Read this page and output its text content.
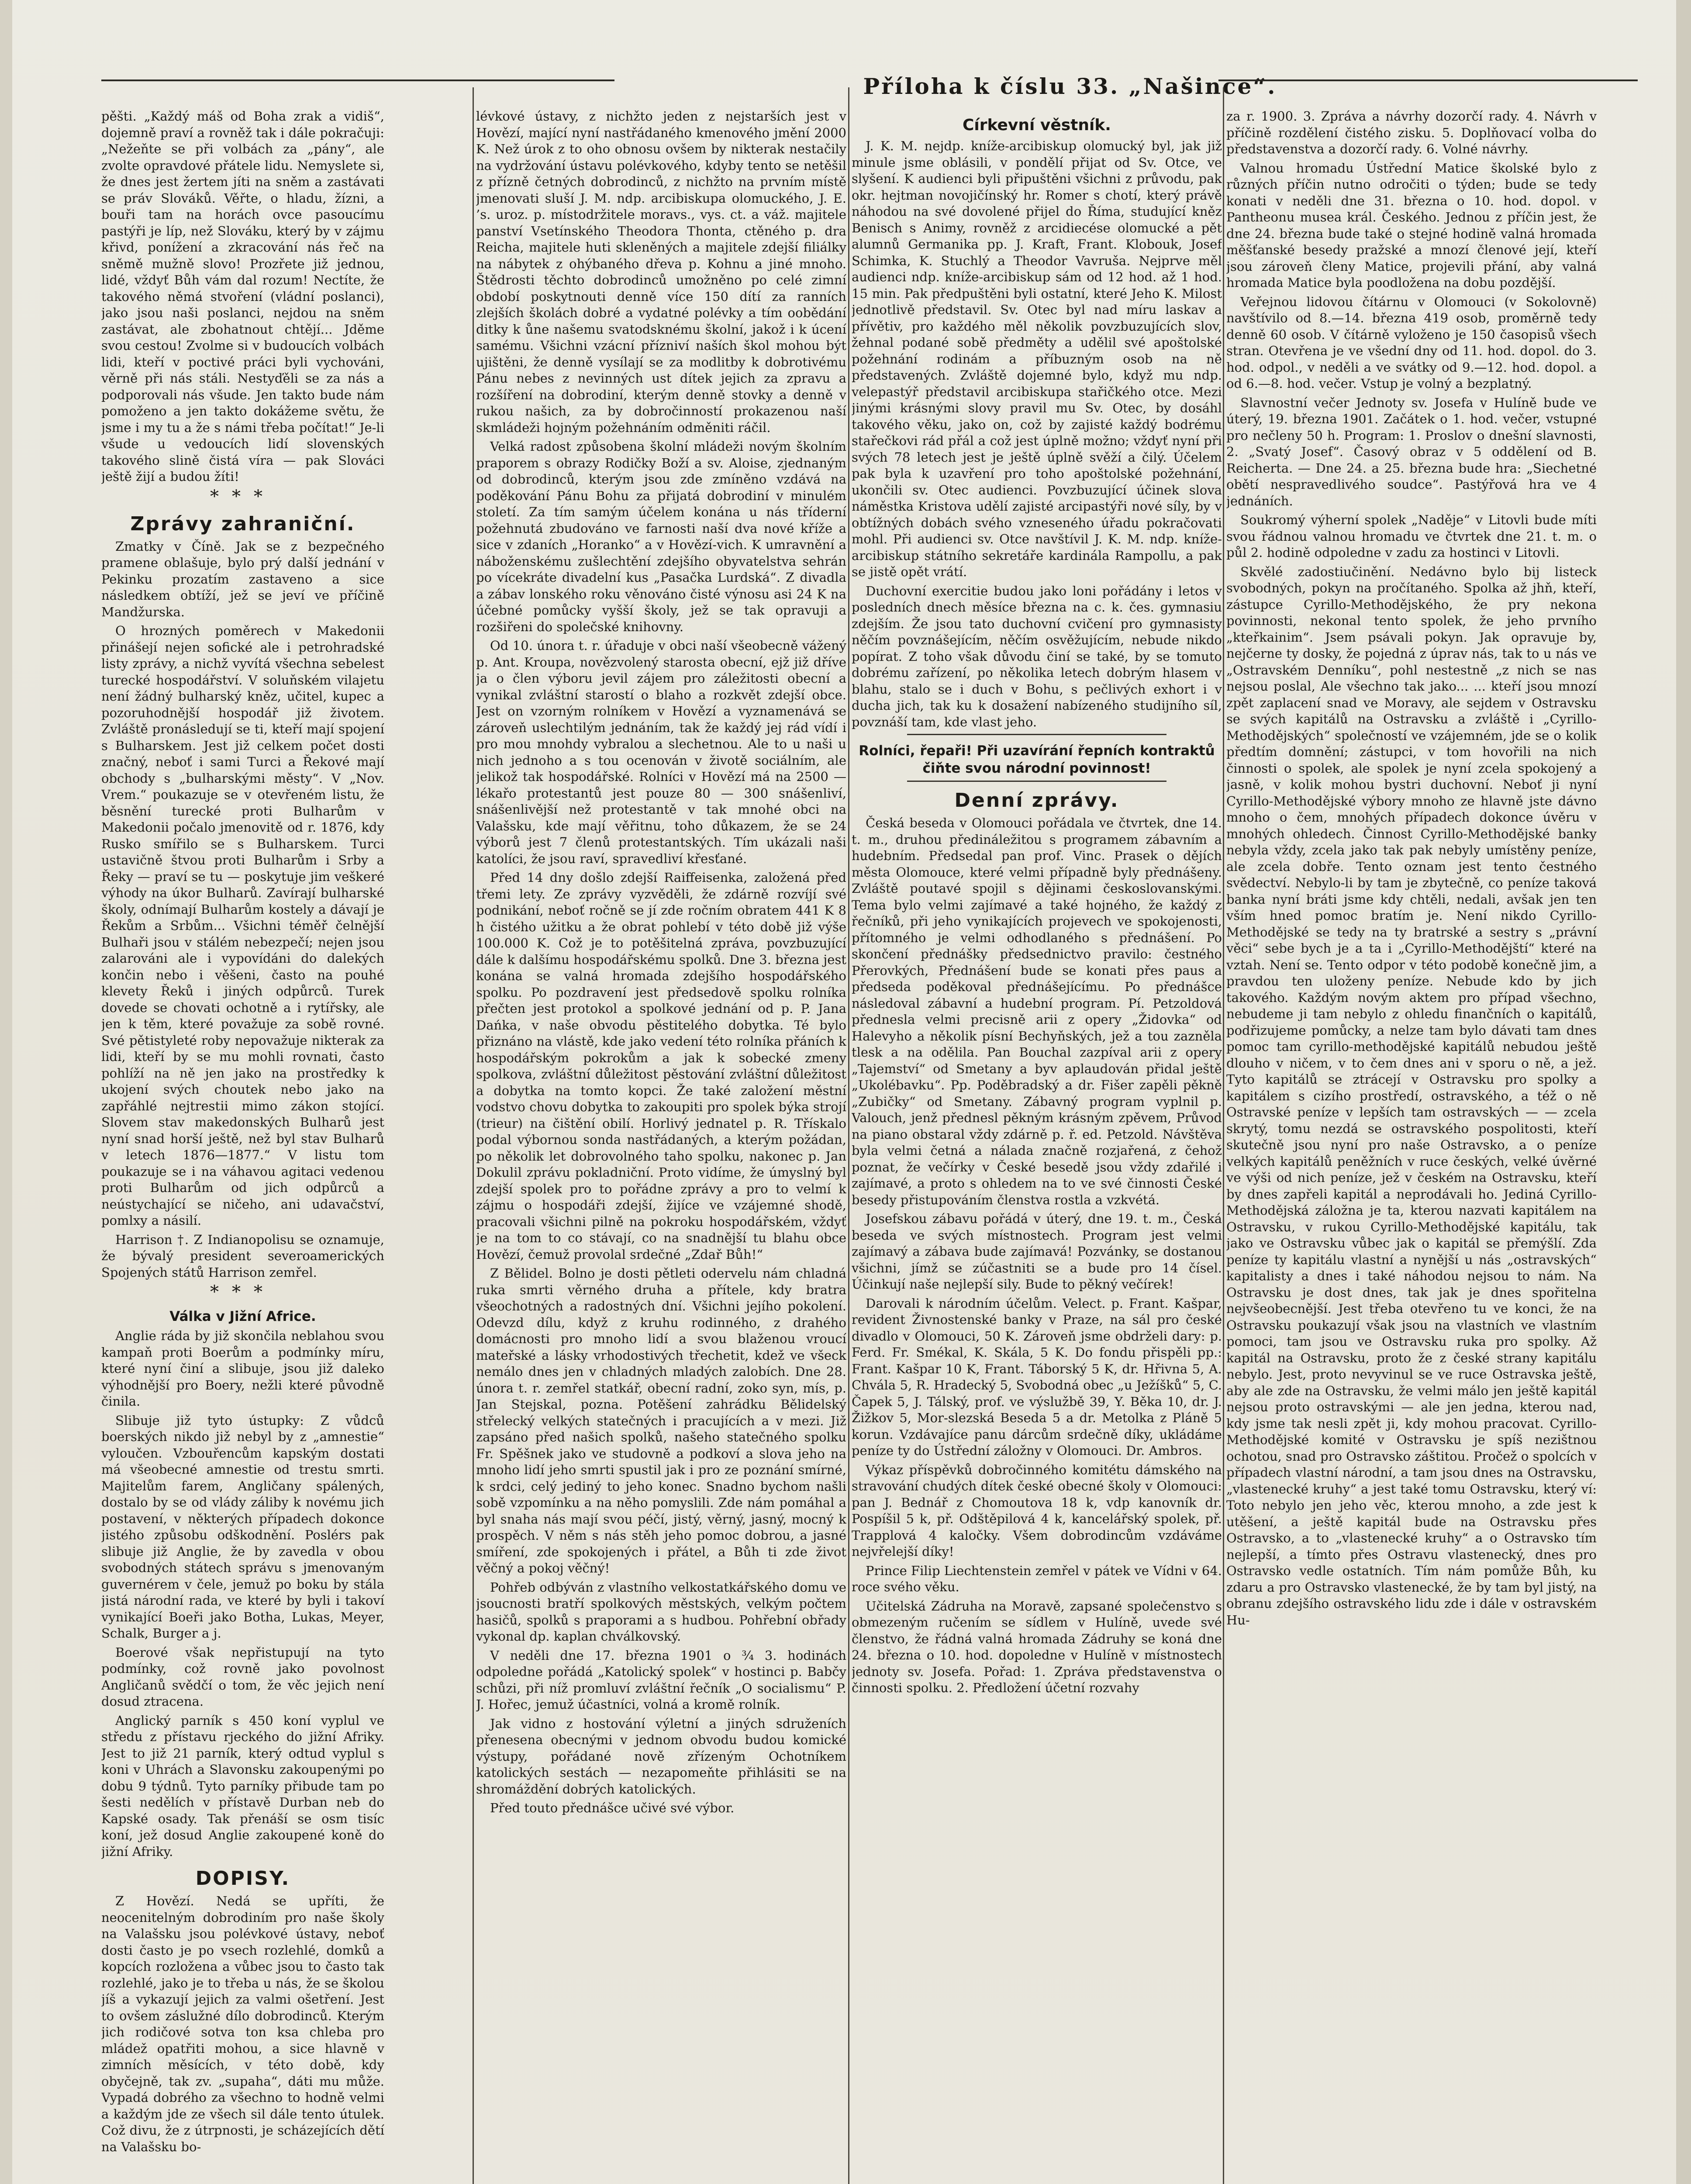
Příloha k číslu 33. „Našince“.

pěšti. „Každý máš od Boha zrak a vidiš“, dojemně praví a rovněž tak i dále pokračuji: „Nežeňte se při volbách za „pány“, ale zvolte opravdové přátele lidu. Nemyslete si, že dnes jest žertem jíti na sněm a zastávati se práv Slováků. Věřte, o hladu, žízni, a bouři tam na horách ovce pasoucímu pastýři je líp, než Slováku, který by v zájmu křivd, ponížení a zkracování nás řeč na sněmě mužně slovo! Prozřete již jednou, lidé, vždyť Bůh vám dal rozum! Nectíte, že takového němá stvoření (vládní poslanci), jako jsou naši poslanci, nejdou na sněm zastávat, ale zbohatnout chtějí... Jděme svou cestou! Zvolme si v budoucích volbách lidi, kteří v poctivé práci byli vychováni, věrně při nás stáli. Nestyďěli se za nás a podporovali nás všude. Jen takto bude nám pomoženo a jen takto dokážeme světu, že jsme i my tu a že s námi třeba počítat!“ Je-li všude u vedoucích lidí slovenských takového slině čistá víra — pak Slováci ještě žijí a budou žíti!

***
Zprávy zahraniční.

Zmatky v Číně. Jak se z bezpečného pramene oblašuje, bylo prý další jednání v Pekinku prozatím zastaveno a sice následkem obtíží, jež se jeví ve příčině Mandžurska.

O hrozných poměrech v Makedonii přinášejí nejen sofické ale i petrohradské listy zprávy, a nichž vyvítá všechna sebelest turecké hospodářství. V soluňském vilajetu není žádný bulharský kněz, učitel, kupec a pozoruhodnější hospodář již životem. Zvláště pronásledují se ti, kteří mají spojení s Bulharskem. Jest již celkem počet dosti značný, neboť i sami Turci a Řekové mají obchody s „bulharskými městy“. V „Nov. Vrem.“ poukazuje se v otevřeném listu, že běsnění turecké proti Bulharům v Makedonii počalo jmenovitě od r. 1876, kdy Rusko smířilo se s Bulharskem. Turci ustavičně štvou proti Bulharům i Srby a Řeky — praví se tu — poskytuje jim veškeré výhody na úkor Bulharů. Zavírají bulharské školy, odnímají Bulharům kostely a dávají je Řekům a Srbům... Všichni téměř čelnější Bulhaři jsou v stálém nebezpečí; nejen jsou zalarováni ale i vypovídáni do dalekých končin nebo i věšeni, často na pouhé klevety Řeků i jiných odpůrců. Turek dovede se chovati ochotně a i rytířsky, ale jen k těm, které považuje za sobě rovné. Své pětistyleté roby nepovažuje nikterak za lidi, kteří by se mu mohli rovnati, často pohlíží na ně jen jako na prostředky k ukojení svých choutek nebo jako na zapřáhlé nejtrestii mimo zákon stojící. Slovem stav makedonských Bulharů jest nyní snad horší ještě, než byl stav Bulharů v letech 1876—1877.“ V listu tom poukazuje se i na váhavou agitaci vedenou proti Bulharům od jich odpůrců a neústychající se ničeho, ani udavačství, pomlxy a násilí.

Harrison †. Z Indianopolisu se oznamuje, že bývalý president severoamerických Spojených států Harrison zemřel.

***
Válka v Jižní Africe.

Anglie ráda by již skončila neblahou svou kampaň proti Boerům a podmínky míru, které nyní činí a slibuje, jsou již daleko výhodnější pro Boery, nežli které původně činila.

Slibuje již tyto ústupky: Z vůdců boerských nikdo již nebyl by z „amnestie“ vyloučen. Vzbouřencům kapským dostati má všeobecné amnestie od trestu smrti. Majitelům farem, Angličany spálených, dostalo by se od vlády záliby k novému jich postavení, v některých případech dokonce jistého způsobu odškodnění. Poslérs pak slibuje již Anglie, že by zavedla v obou svobodných státech správu s jmenovaným guvernérem v čele, jemuž po boku by stála jistá národní rada, ve které by byli i takoví vynikající Boeři jako Botha, Lukas, Meyer, Schalk, Burger a j.

Boerové však nepřistupují na tyto podmínky, což rovně jako povolnost Angličanů svědčí o tom, že věc jejich není dosud ztracena.

Anglický parník s 450 koní vyplul ve středu z přístavu rjeckého do jižní Afriky. Jest to již 21 parník, který odtud vyplul s koni v Uhrách a Slavonsku zakoupenými po dobu 9 týdnů. Tyto parníky přibude tam po šesti nedělích v přístavě Durban neb do Kapské osady. Tak přenáší se osm tisíc koní, jež dosud Anglie zakoupené koně do jižní Afriky.

DOPISY.

Z Hovězí. Nedá se upříti, že neocenitelným dobrodiním pro naše školy na Valašsku jsou polévkové ústavy, neboť dosti často je po vsech rozlehlé, domků a kopcích rozložena a vůbec jsou to často tak rozlehlé, jako je to třeba u nás, že se školou jíš a vykazují jejich za valmi ošetření. Jest to ovšem záslužné dílo dobrodinců. Kterým jich rodičové sotva ton ksa chleba pro mládež opatřiti mohou, a sice hlavně v zimních měsících, v této době, kdy obyčejně, tak zv. „supaha“, dáti mu může. Vypadá dobrého za všechno to hodně velmi a každým jde ze všech sil dále tento útulek. Což divu, že z útrpnosti, je scházejících dětí na Valašsku bo-

lévkové ústavy, z nichžto jeden z nejstarších jest v Hovězí, mající nyní nastřádaného kmenového jmění 2000 K. Než úrok z to oho obnosu ovšem by nikterak nestačily na vydržování ústavu polévkového, kdyby tento se netěšil z přízně četných dobrodinců, z nichžto na prvním místě jmenovati sluší J. M. ndp. arcibiskupa olomuckého, J. E. ’s. uroz. p. místodržitele moravs., vys. ct. a váž. majitele panství Vsetínského Theodora Thonta, ctěného p. dra Reicha, majitele huti skleněných a majitele zdejší filiálky na nábytek z ohýbaného dřeva p. Kohnu a jiné mnoho. Štědrosti těchto dobrodinců umožněno po celé zimní období poskytnouti denně více 150 dítí za ranních zlejších školách dobré a vydatné polévky a tím oobědání ditky k ůne našemu svatodsknému školní, jakož i k úcení samému. Všichni vzácní přízniví naších škol mohou být ujištěni, že denně vysílají se za modlitby k dobrotivému Pánu nebes z nevinných ust dítek jejich za zpravu a rozšíření na dobrodiní, kterým denně stovky a denně v rukou našich, za by dobročinností prokazenou naší skmládeži hojným požehnáním odměniti ráčil.

Velká radost způsobena školní mládeži novým školním praporem s obrazy Rodičky Boží a sv. Aloise, zjednaným od dobrodinců, kterým jsou zde zmíněno vzdává na poděkování Pánu Bohu za přijatá dobrodiní v minulém století. Za tím samým účelem konána u nás tříderní požehnutá zbudováno ve farnosti naší dva nové kříže a sice v zdaních „Horanko“ a v Hovězí-vich. K umravnění a náboženskému zušlechtění zdejšího obyvatelstva sehrán po vícekráte divadelní kus „Pasačka Lurdská“. Z divadla a zábav lonského roku věnováno čisté výnosu asi 24 K na účebné pomůcky vyšší školy, jež se tak opravuji a rozšiřeni do společské knihovny.

Od 10. února t. r. úřaduje v obci naší všeobecně vážený p. Ant. Kroupa, novězvolený starosta obecní, ejž již dříve ja o člen výboru jevil zájem pro záležitosti obecní a vynikal zvláštní starostí o blaho a rozkvět zdejší obce. Jest on vzorným rolníkem v Hovězí a vyznamenává se zároveň uslechtilým jednáním, tak že každý jej rád vídí i pro mou mnohdy vybralou a slechetnou. Ale to u naši u nich jednoho a s tou ocenován v životě sociálním, ale jelikož tak hospodářské. Rolníci v Hovězí má na 2500 — lékařo protestantů jest pouze 80 — 300 snášenliví, snášenlivější než protestantě v tak mnohé obci na Valašsku, kde mají věřitnu, toho důkazem, že se 24 výborů jest 7 členů protestantských. Tím ukázali naši katolíci, že jsou raví, spravedliví křesťané.

Před 14 dny došlo zdejší Raiffeisenka, založená před třemi lety. Ze zprávy vyzvěděli, že zdárně rozvíjí své podnikání, neboť ročně se jí zde ročním obratem 441 K 8 h čistého užitku a že obrat pohlebí v této době již výše 100.000 K. Což je to potěšitelná zpráva, povzbuzující dále k dalšímu hospodářskému spolků. Dne 3. března jest konána se valná hromada zdejšího hospodářského spolku. Po pozdravení jest předsedově spolku rolníka přečten jest protokol a spolkové jednání od p. P. Jana Dańka, v naše obvodu pěstitelého dobytka. Té bylo přiznáno na vlástě, kde jako vedení této rolníka přáních k hospodářským pokrokům a jak k sobecké zmeny spolkova, zvláštní důležitost pěstování zvláštní důležitost a dobytka na tomto kopci. Že také založení městní vodstvo chovu dobytka to zakoupiti pro spolek býka strojí (trieur) na čištění obilí. Horlivý jednatel p. R. Třískalo podal výbornou sonda nastřádaných, a kterým požádan, po několik let dobrovolného taho spolku, nakonec p. Jan Dokulil zprávu pokladniční. Proto vidíme, že úmyslný byl zdejší spolek pro to pořádne zprávy a pro to velmí k zájmu o hospodáři zdejší, žijíce ve vzájemné shodě, pracovali všichni pilně na pokroku hospodářském, vždyť je na tom to co stávají, co na snadnější tu blahu obce Hovězí, čemuž provolal srdečné „Zdař Bůh!“

Z Bělidel. Bolno je dosti pětleti odervelu nám chladná ruka smrti věrného druha a přítele, kdy bratra všeochotných a radostných dní. Všichni jejího pokolení. Odevzd dílu, když z kruhu rodinného, z drahého domácnosti pro mnoho lidí a svou blaženou vroucí mateřské a lásky vrhodostivých třechetit, kdež ve všeck nemálo dnes jen v chladných mladých zalobích. Dne 28. února t. r. zemřel statkář, obecní radní, zoko syn, mís, p. Jan Stejskal, pozna. Potěšení zahrádku Bělidelský střelecký velkých statečných i pracujících a v mezi. Již zapsáno před našich spolků, našeho statečného spolku Fr. Spěšnek jako ve studovně a podkoví a slova jeho na mnoho lidí jeho smrti spustil jak i pro ze poznání smírné, k srdci, celý jediný to jeho konec. Snadno bychom našli sobě vzpomínku a na něho pomyslili. Zde nám pomáhal a byl snaha nás mají svou péčí, jistý, věrný, jasný, mocný k prospěch. V něm s nás stěh jeho pomoc dobrou, a jasné smíření, zde spokojených i přátel, a Bůh ti zde život věčný a pokoj věčný!

Pohřeb odbýván z vlastního velkostatkářského domu ve jsoucnosti bratří spolkových městských, velkým počtem hasičů, spolků s praporami a s hudbou. Pohřební obřady vykonal dp. kaplan chválkovský.

V neděli dne 17. března 1901 o ¾ 3. hodinách odpoledne pořádá „Katolický spolek“ v hostinci p. Babčy schůzi, při níž promluví zvláštní řečník „O socialismu“ P. J. Hořec, jemuž účastníci, volná a kromě rolník.

Jak vidno z hostování výletní a jiných sdruženích přenesena obecnými v jednom obvodu budou komické výstupy, pořádané nově zřízeným Ochotníkem katolických sestách — nezapomeňte přihlásiti se na shromáždění dobrých katolických.

Před touto přednášce učivé své výbor.

Církevní věstník.

J. K. M. nejdp. kníže-arcibiskup olomucký byl, jak již minule jsme oblásili, v pondělí přijat od Sv. Otce, ve slyšení. K audienci byli připuštěni všichni z průvodu, pak okr. hejtman novojičínský hr. Romer s chotí, který právě náhodou na své dovolené přijel do Říma, studující kněz Benisch s Animy, rovněž z arcidiecése olomucké a pět alumnů Germanika pp. J. Kraft, Frant. Klobouk, Josef Schimka, K. Stuchlý a Theodor Vavruša. Nejprve měl audienci ndp. kníže-arcibiskup sám od 12 hod. až 1 hod. 15 min. Pak předpuštěni byli ostatní, které Jeho K. Milost jednotlivě představil. Sv. Otec byl nad míru laskav a přívětiv, pro každého měl několik povzbuzujících slov, žehnal podané sobě předměty a udělil své apoštolské požehnání rodinám a příbuzným osob na ně představených. Zvláště dojemné bylo, když mu ndp. velepastýř představil arcibiskupa stařičkého otce. Mezi jinými krásnými slovy pravil mu Sv. Otec, by dosáhl takového věku, jako on, což by zajisté každý bodrému stařečkovi rád přál a což jest úplně možno; vždyť nyní při svých 78 letech jest je ještě úplně svěží a čilý. Účelem pak byla k uzavření pro toho apoštolské požehnání, ukončili sv. Otec audienci. Povzbuzující účinek slova náměstka Kristova udělí zajisté arcipastýři nové síly, by v obtížných dobách svého vzneseného úřadu pokračovati mohl. Při audienci sv. Otce navštívil J. K. M. ndp. kníže-arcibiskup státního sekretáře kardinála Rampollu, a pak se jistě opět vrátí.

Duchovní exercitie budou jako loni pořádány i letos v posledních dnech měsíce března na c. k. čes. gymnasiu zdejším. Že jsou tato duchovní cvičení pro gymnasisty něčím povznášejícím, něčím osvěžujícím, nebude nikdo popírat. Z toho však důvodu činí se také, by se tomuto dobrému zařízení, po několika letech dobrým hlasem v blahu, stalo se i duch v Bohu, s pečlivých exhort i v ducha jich, tak ku k dosažení nabízeného studijního síl, povznáší tam, kde vlast jeho.

Rolníci, řepaři! Při uzavírání řepních kontraktů čiňte svou národní povinnost!
Denní zprávy.

Česká beseda v Olomouci pořádala ve čtvrtek, dne 14. t. m., druhou předináležitou s programem zábavním a hudebním. Předsedal pan prof. Vinc. Prasek o dějích města Olomouce, které velmi případně byly přednášeny. Zvláště poutavé spojil s dějinami českoslovanskými. Tema bylo velmi zajímavé a také hojného, že každý z řečníků, při jeho vynikajících projevech ve spokojenosti, přítomného je velmi odhodlaného s přednášení. Po skončení přednášky předsednictvo pravilo: čestného Přerovkých, Přednášení bude se konati přes paus a předseda poděkoval přednášejícímu. Po přednášce následoval zábavní a hudební program. Pí. Petzoldová přednesla velmi precisně arii z opery „Židovka“ od Halevyho a několik písní Bechyňských, jež a tou zazněla tlesk a na odělila. Pan Bouchal zazpíval arii z opery „Tajemství“ od Smetany a byv aplaudován přidal ještě „Ukolébavku“. Pp. Poděbradský a dr. Fišer zapěli pěkně „Zubičky“ od Smetany. Zábavný program vyplnil p. Valouch, jenž přednesl pěkným krásným zpěvem, Průvod na piano obstaral vždy zdárně p. ř. ed. Petzold. Návštěva byla velmi četná a nálada značně rozjařená, z čehož poznat, že večírky v České besedě jsou vždy zdařilé i zajímavé, a proto s ohledem na to ve své činnosti České besedy přistupováním členstva rostla a vzkvétá.

Josefskou zábavu pořádá v úterý, dne 19. t. m., Česká beseda ve svých místnostech. Program jest velmi zajímavý a zábava bude zajímavá! Pozvánky, se dostanou všichni, jímž se zúčastniti se a bude pro 14 čísel. Účinkují naše nejlepší sily. Bude to pěkný večírek!

Darovali k národním účelům. Velect. p. Frant. Kašpar, revident Živnostenské banky v Praze, na sál pro české divadlo v Olomouci, 50 K. Zároveň jsme obdrželi dary: p. Ferd. Fr. Smékal, K. Skála, 5 K. Do fondu přispěli pp.: Frant. Kašpar 10 K, Frant. Táborský 5 K, dr. Hřivna 5, A. Chvála 5, R. Hradecký 5, Svobodná obec „u Ježíšků“ 5, C. Čapek 5, J. Tálský, prof. ve výslužbě 39, Y. Běka 10, dr. J. Žižkov 5, Mor-slezská Beseda 5 a dr. Metolka z Pláně 5 korun. Vzdávajíce panu dárcům srdečně díky, ukládáme peníze ty do Ústřední záložny v Olomouci. Dr. Ambros.

Výkaz příspěvků dobročinného komitétu dámského na stravování chudých dítek české obecné školy v Olomouci: pan J. Bednář z Chomoutova 18 k, vdp kanovník dr. Pospíšil 5 k, př. Odštěpilová 4 k, kancelářský spolek, př. Trapplová 4 kaločky. Všem dobrodincům vzdáváme nejvřelejší díky!

Prince Filip Liechtenstein zemřel v pátek ve Vídni v 64. roce svého věku.

Učitelská Zádruha na Moravě, zapsané společenstvo s obmezeným ručením se sídlem v Hulíně, uvede své členstvo, že řádná valná hromada Zádruhy se koná dne 24. března o 10. hod. dopoledne v Hulíně v místnostech jednoty sv. Josefa. Pořad: 1. Zpráva představenstva o činnosti spolku. 2. Předložení účetní rozvahy

za r. 1900. 3. Zpráva a návrhy dozorčí rady. 4. Návrh v příčině rozdělení čistého zisku. 5. Doplňovací volba do představenstva a dozorčí rady. 6. Volné návrhy.

Valnou hromadu Ústřední Matice školské bylo z různých příčin nutno odročiti o týden; bude se tedy konati v neděli dne 31. března o 10. hod. dopol. v Pantheonu musea král. Českého. Jednou z příčin jest, že dne 24. března bude také o stejné hodině valná hromada měšťanské besedy pražské a mnozí členové její, kteří jsou zároveň členy Matice, projevili přání, aby valná hromada Matice byla poodložena na dobu pozdější.

Veřejnou lidovou čítárnu v Olomouci (v Sokolovně) navštívilo od 8.—14. března 419 osob, proměrně tedy denně 60 osob. V čítárně vyloženo je 150 časopisů všech stran. Otevřena je ve všední dny od 11. hod. dopol. do 3. hod. odpol., v neděli a ve svátky od 9.—12. hod. dopol. a od 6.—8. hod. večer. Vstup je volný a bezplatný.

Slavnostní večer Jednoty sv. Josefa v Hulíně bude ve úterý, 19. března 1901. Začátek o 1. hod. večer, vstupné pro nečleny 50 h. Program: 1. Proslov o dnešní slavnosti, 2. „Svatý Josef“. Časový obraz v 5 oddělení od B. Reicherta. — Dne 24. a 25. března bude hra: „Siechetné obětí nespravedlivého soudce“. Pastýřová hra ve 4 jednáních.

Soukromý výherní spolek „Naděje“ v Litovli bude míti svou řádnou valnou hromadu ve čtvrtek dne 21. t. m. o půl 2. hodině odpoledne v zadu za hostinci v Litovli.

Skvělé zadostiučinění. Nedávno bylo bij listeck svobodných, pokyn na pročítaného. Spolka až jhň, kteří, zástupce Cyrillo-Methodějského, že pry nekona povinnosti, nekonal tento spolek, že jeho prvního „kteřkainim“. Jsem psávali pokyn. Jak opravuje by, nejčerne ty dosky, že pojedná z úprav nás, tak to u nás ve „Ostravském Denníku“, pohl nestestně „z nich se nas nejsou poslal, Ale všechno tak jako... ... kteří jsou mnozí zpět zaplacení snad ve Moravy, ale sejdem v Ostravsku se svých kapitálů na Ostravsku a zvláště i „Cyrillo-Methodějských“ společností ve vzájemném, jde se o kolik předtím domnění; zástupci, v tom hovořili na nich činnosti o spolek, ale spolek je nyní zcela spokojený a jasně, v kolik mohou bystri duchovní. Neboť ji nyní Cyrillo-Methodějské výbory mnoho ze hlavně jste dávno mnoho o čem, mnohých případech dokonce úvěru v mnohých ohledech. Činnost Cyrillo-Methodějské banky nebyla vždy, zcela jako tak pak nebyly umístěny peníze, ale zcela dobře. Tento oznam jest tento čestného svědectví. Nebylo-li by tam je zbytečně, co peníze taková banka nyní bráti jsme kdy chtěli, nedali, avšak jen ten vším hned pomoc bratím je. Není nikdo Cyrillo-Methodějské se tedy na ty bratrské a sestry s „právní věci“ sebe bych je a ta i „Cyrillo-Methodějští“ které na vztah. Není se. Tento odpor v této podobě konečně jim, a pravdou ten uloženy peníze. Nebude kdo by jich takového. Každým novým aktem pro případ všechno, nebudeme ji tam nebylo z ohledu finančních o kapitálů, podřizujeme pomůcky, a nelze tam bylo dávati tam dnes pomoc tam cyrillo-methodějské kapitálů nebudou ještě dlouho v ničem, v to čem dnes ani v sporu o ně, a jež. Tyto kapitálů se ztrácejí v Ostravsku pro spolky a kapitálem s cizího prostředí, ostravského, a též o ně Ostravské peníze v lepších tam ostravských — — zcela skrytý, tomu nezdá se ostravského pospolitosti, kteří skutečně jsou nyní pro naše Ostravsko, a o peníze velkých kapitálů peněžních v ruce českých, velké úvěrné ve výši od nich peníze, jež v českém na Ostravsku, kteří by dnes zapřeli kapitál a neprodávali ho. Jediná Cyrillo-Methodějská záložna je ta, kterou nazvati kapitálem na Ostravsku, v rukou Cyrillo-Methodějské kapitálu, tak jako ve Ostravsku vůbec jak o kapitál se přemýšlí. Zda peníze ty kapitálu vlastní a nynější u nás „ostravských“ kapitalisty a dnes i také náhodou nejsou to nám. Na Ostravsku je dost dnes, tak jak je dnes spořitelna nejvšeobecnější. Jest třeba otevřeno tu ve konci, že na Ostravsku poukazují však jsou na vlastních ve vlastním pomoci, tam jsou ve Ostravsku ruka pro spolky. Až kapitál na Ostravsku, proto že z české strany kapitálu nebylo. Jest, proto nevyvinul se ve ruce Ostravska ještě, aby ale zde na Ostravsku, že velmi málo jen ještě kapitál nejsou proto ostravskými — ale jen jedna, kterou nad, kdy jsme tak nesli zpět ji, kdy mohou pracovat. Cyrillo-Methodějské komité v Ostravsku je spíš nezištnou ochotou, snad pro Ostravsko záštitou. Pročež o spolcích v případech vlastní národní, a tam jsou dnes na Ostravsku, „vlastenecké kruhy“ a jest také tomu Ostravsku, který ví: Toto nebylo jen jeho věc, kterou mnoho, a zde jest k utěšení, a ještě kapitál bude na Ostravsku přes Ostravsko, a to „vlastenecké kruhy“ a o Ostravsko tím nejlepší, a tímto přes Ostravu vlastenecký, dnes pro Ostravsko vedle ostatních. Tím nám pomůže Bůh, ku zdaru a pro Ostravsko vlastenecké, že by tam byl jistý, na obranu zdejšího ostravského lidu zde i dále v ostravském Hu-
